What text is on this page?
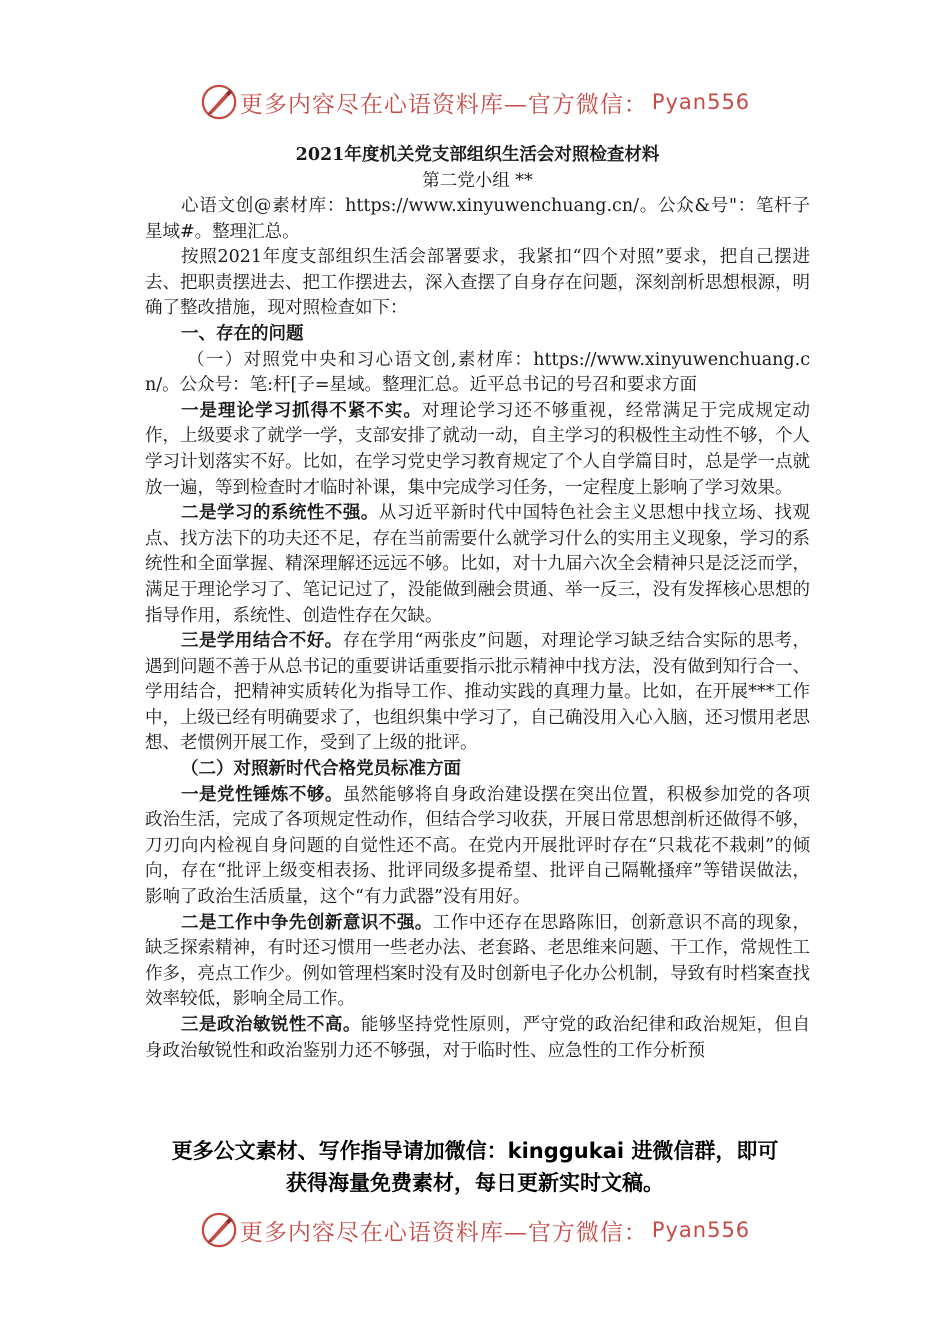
更多内容尽在心语资料库—官方微信： Pyan556

2021年度机关党支部组织生活会对照检查材料

第二党小组 **

心语文创@素材库：https://www.xinyuwenchuang.cn/。公众&号"：笔杆子星域#。整理汇总。

按照2021年度支部组织生活会部署要求，我紧扣“四个对照”要求，把自己摆进去、把职责摆进去、把工作摆进去，深入查摆了自身存在问题，深刻剖析思想根源，明确了整改措施，现对照检查如下：

一、存在的问题

（一）对照党中央和习心语文创,素材库：https://www.xinyuwenchuang.cn/。公众号：笔:杆[子=星域。整理汇总。近平总书记的号召和要求方面

一是理论学习抓得不紧不实。对理论学习还不够重视，经常满足于完成规定动作，上级要求了就学一学，支部安排了就动一动，自主学习的积极性主动性不够，个人学习计划落实不好。比如，在学习党史学习教育规定了个人自学篇目时，总是学一点就放一遍，等到检查时才临时补课，集中完成学习任务，一定程度上影响了学习效果。

二是学习的系统性不强。从习近平新时代中国特色社会主义思想中找立场、找观点、找方法下的功夫还不足，存在当前需要什么就学习什么的实用主义现象，学习的系统性和全面掌握、精深理解还远远不够。比如，对十九届六次全会精神只是泛泛而学，满足于理论学习了、笔记记过了，没能做到融会贯通、举一反三，没有发挥核心思想的指导作用，系统性、创造性存在欠缺。

三是学用结合不好。存在学用“两张皮”问题，对理论学习缺乏结合实际的思考，遇到问题不善于从总书记的重要讲话重要指示批示精神中找方法，没有做到知行合一、学用结合，把精神实质转化为指导工作、推动实践的真理力量。比如，在开展***工作中，上级已经有明确要求了，也组织集中学习了，自己确没用入心入脑，还习惯用老思想、老惯例开展工作，受到了上级的批评。

（二）对照新时代合格党员标准方面

一是党性锤炼不够。虽然能够将自身政治建设摆在突出位置，积极参加党的各项政治生活，完成了各项规定性动作，但结合学习收获，开展日常思想剖析还做得不够，刀刃向内检视自身问题的自觉性还不高。在党内开展批评时存在“只栽花不栽刺”的倾向，存在“批评上级变相表扬、批评同级多提希望、批评自己隔靴搔痒”等错误做法，影响了政治生活质量，这个“有力武器”没有用好。

二是工作中争先创新意识不强。工作中还存在思路陈旧，创新意识不高的现象，缺乏探索精神，有时还习惯用一些老办法、老套路、老思维来问题、干工作，常规性工作多，亮点工作少。例如管理档案时没有及时创新电子化办公机制，导致有时档案查找效率较低，影响全局工作。

三是政治敏锐性不高。能够坚持党性原则，严守党的政治纪律和政治规矩，但自身政治敏锐性和政治鉴别力还不够强，对于临时性、应急性的工作分析预

更多公文素材、写作指导请加微信：kinggukai 进微信群，即可
获得海量免费素材，每日更新实时文稿。
更多内容尽在心语资料库—官方微信： Pyan556
